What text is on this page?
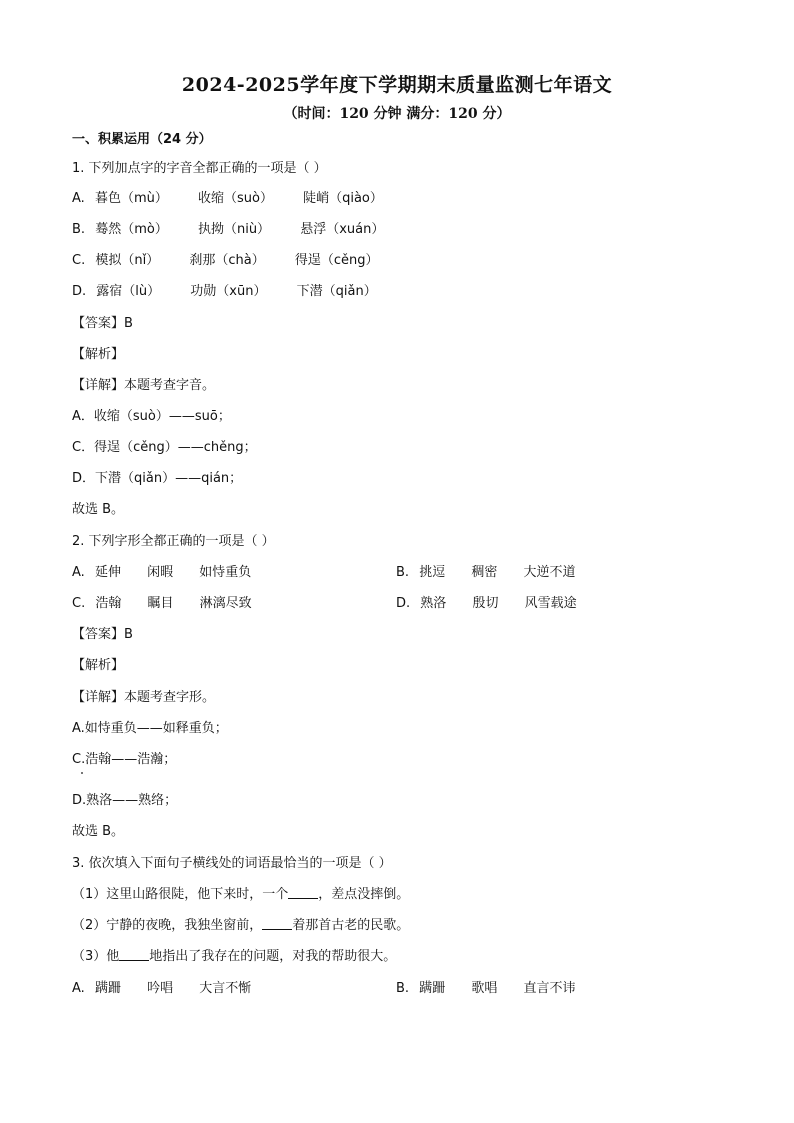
2024-2025学年度下学期期末质量监测七年语文
（时间：120 分钟 满分：120 分）
一、积累运用（24 分）
1. 下列加点字的字音全都正确的一项是（ ）
A. 暮色（mù） 收缩（suò） 陡峭（qiào）
B. 蓦然（mò） 执拗（niù） 悬浮（xuán）
C. 模拟（nǐ） 刹那（chà） 得逞（cěng）
D. 露宿（lù） 功勋（xūn） 下潜（qiǎn）
【答案】B
【解析】
【详解】本题考查字音。
A．收缩（suò）——suō；
C．得逞（cěng）——chěng；
D．下潜（qiǎn）——qián；
故选 B。
2. 下列字形全都正确的一项是（ ）
A. 延伸 闲暇 如恃重负	B. 挑逗 稠密 大逆不道
C. 浩翰 瞩目 淋漓尽致	D. 熟洛 殷切 风雪载途
【答案】B
【解析】
【详解】本题考查字形。
A.如恃重负——如释重负；
C.浩翰——浩瀚；
D.熟洛——熟络；
故选 B。
3. 依次填入下面句子横线处的词语最恰当的一项是（ ）
（1）这里山路很陡，他下来时，一个 ，差点没摔倒。
（2）宁静的夜晚，我独坐窗前， 着那首古老的民歌。
（3）他 地指出了我存在的问题，对我的帮助很大。
A. 蹒跚 吟唱 大言不惭	B. 蹒跚 歌唱 直言不讳
